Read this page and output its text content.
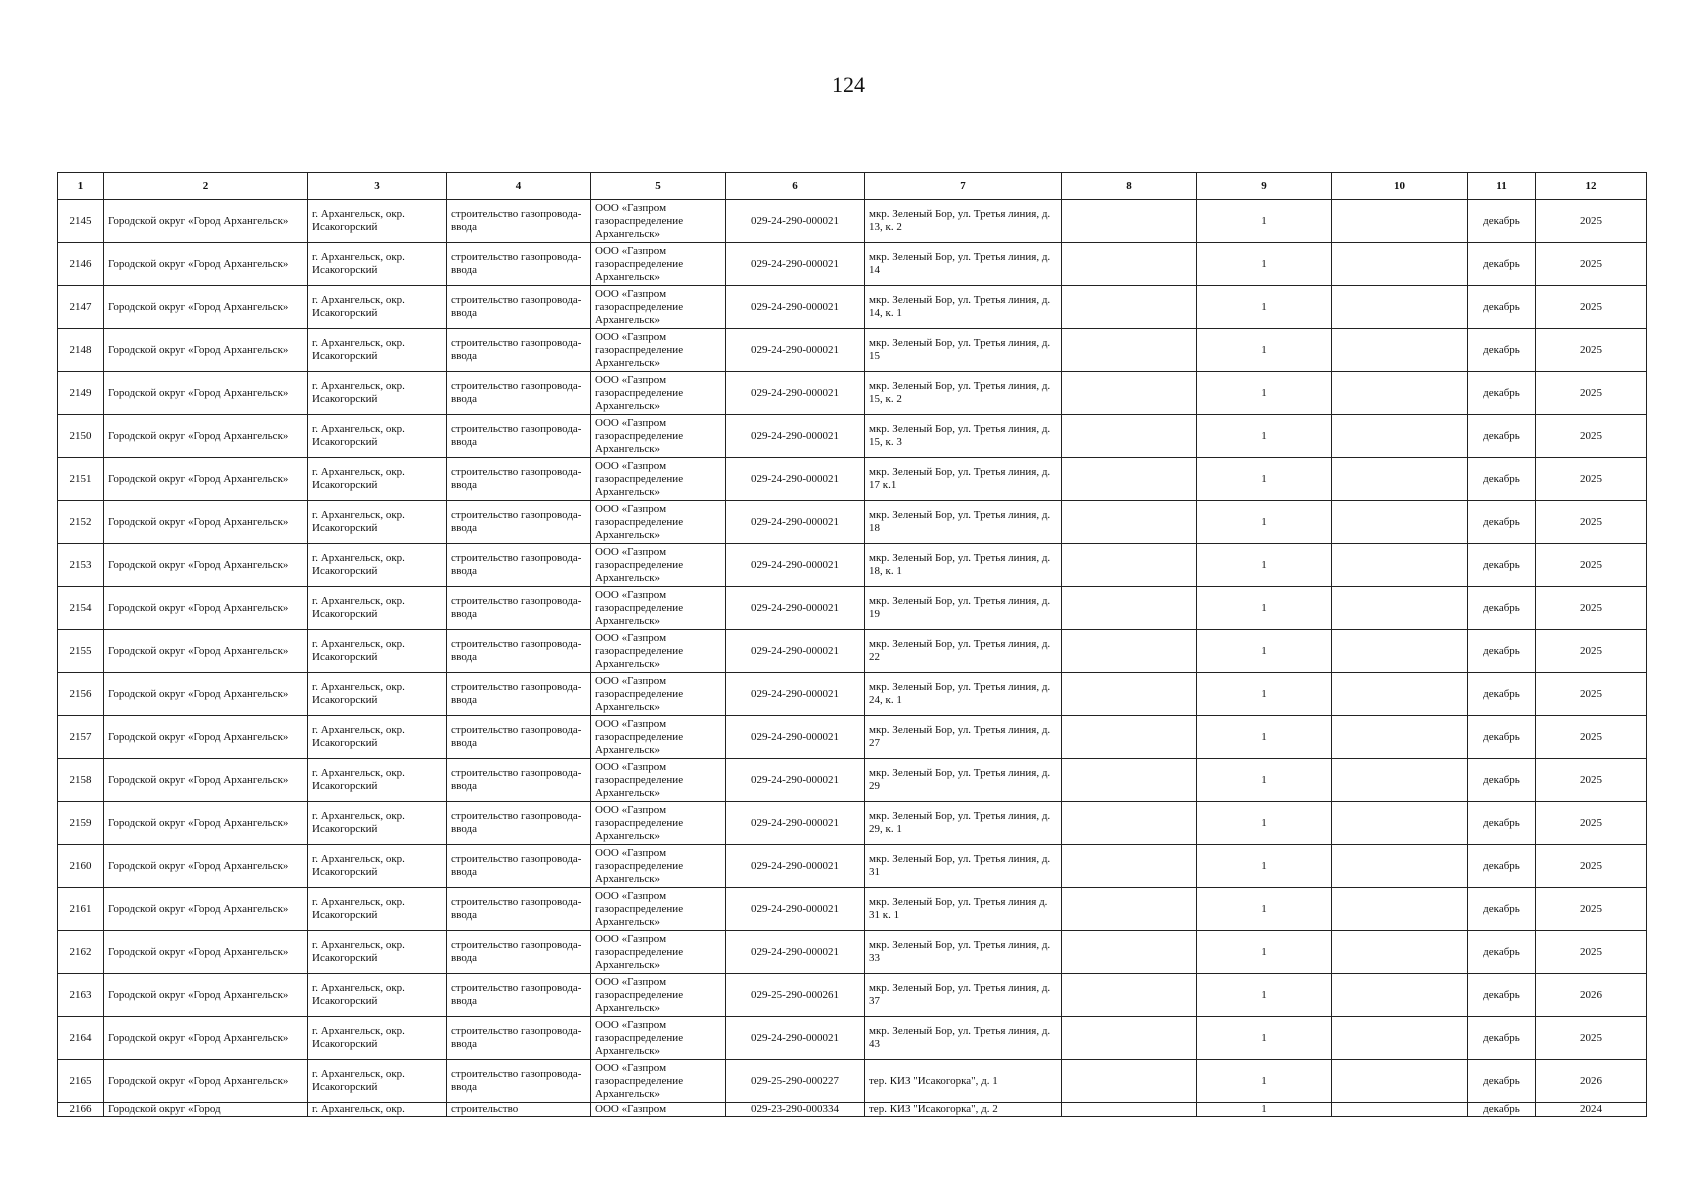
124
1	2	3	4	5	6	7	8	9	10	11	12
2145	Городской округ «Город Архангельск»	г. Архангельск, окр. Исакогорский	строительство газопровода-ввода	ООО «Газпром газораспределение Архангельск»	029-24-290-000021	мкр. Зеленый Бор, ул. Третья линия, д. 13, к. 2		1		декабрь	2025
2146	Городской округ «Город Архангельск»	г. Архангельск, окр. Исакогорский	строительство газопровода-ввода	ООО «Газпром газораспределение Архангельск»	029-24-290-000021	мкр. Зеленый Бор, ул. Третья линия, д. 14		1		декабрь	2025
2147	Городской округ «Город Архангельск»	г. Архангельск, окр. Исакогорский	строительство газопровода-ввода	ООО «Газпром газораспределение Архангельск»	029-24-290-000021	мкр. Зеленый Бор, ул. Третья линия, д. 14, к. 1		1		декабрь	2025
2148	Городской округ «Город Архангельск»	г. Архангельск, окр. Исакогорский	строительство газопровода-ввода	ООО «Газпром газораспределение Архангельск»	029-24-290-000021	мкр. Зеленый Бор, ул. Третья линия, д. 15		1		декабрь	2025
2149	Городской округ «Город Архангельск»	г. Архангельск, окр. Исакогорский	строительство газопровода-ввода	ООО «Газпром газораспределение Архангельск»	029-24-290-000021	мкр. Зеленый Бор, ул. Третья линия, д. 15, к. 2		1		декабрь	2025
2150	Городской округ «Город Архангельск»	г. Архангельск, окр. Исакогорский	строительство газопровода-ввода	ООО «Газпром газораспределение Архангельск»	029-24-290-000021	мкр. Зеленый Бор, ул. Третья линия, д. 15, к. 3		1		декабрь	2025
2151	Городской округ «Город Архангельск»	г. Архангельск, окр. Исакогорский	строительство газопровода-ввода	ООО «Газпром газораспределение Архангельск»	029-24-290-000021	мкр. Зеленый Бор, ул. Третья линия, д. 17 к.1		1		декабрь	2025
2152	Городской округ «Город Архангельск»	г. Архангельск, окр. Исакогорский	строительство газопровода-ввода	ООО «Газпром газораспределение Архангельск»	029-24-290-000021	мкр. Зеленый Бор, ул. Третья линия, д. 18		1		декабрь	2025
2153	Городской округ «Город Архангельск»	г. Архангельск, окр. Исакогорский	строительство газопровода-ввода	ООО «Газпром газораспределение Архангельск»	029-24-290-000021	мкр. Зеленый Бор, ул. Третья линия, д. 18, к. 1		1		декабрь	2025
2154	Городской округ «Город Архангельск»	г. Архангельск, окр. Исакогорский	строительство газопровода-ввода	ООО «Газпром газораспределение Архангельск»	029-24-290-000021	мкр. Зеленый Бор, ул. Третья линия, д. 19		1		декабрь	2025
2155	Городской округ «Город Архангельск»	г. Архангельск, окр. Исакогорский	строительство газопровода-ввода	ООО «Газпром газораспределение Архангельск»	029-24-290-000021	мкр. Зеленый Бор, ул. Третья линия, д. 22		1		декабрь	2025
2156	Городской округ «Город Архангельск»	г. Архангельск, окр. Исакогорский	строительство газопровода-ввода	ООО «Газпром газораспределение Архангельск»	029-24-290-000021	мкр. Зеленый Бор, ул. Третья линия, д. 24, к. 1		1		декабрь	2025
2157	Городской округ «Город Архангельск»	г. Архангельск, окр. Исакогорский	строительство газопровода-ввода	ООО «Газпром газораспределение Архангельск»	029-24-290-000021	мкр. Зеленый Бор, ул. Третья линия, д. 27		1		декабрь	2025
2158	Городской округ «Город Архангельск»	г. Архангельск, окр. Исакогорский	строительство газопровода-ввода	ООО «Газпром газораспределение Архангельск»	029-24-290-000021	мкр. Зеленый Бор, ул. Третья линия, д. 29		1		декабрь	2025
2159	Городской округ «Город Архангельск»	г. Архангельск, окр. Исакогорский	строительство газопровода-ввода	ООО «Газпром газораспределение Архангельск»	029-24-290-000021	мкр. Зеленый Бор, ул. Третья линия, д. 29, к. 1		1		декабрь	2025
2160	Городской округ «Город Архангельск»	г. Архангельск, окр. Исакогорский	строительство газопровода-ввода	ООО «Газпром газораспределение Архангельск»	029-24-290-000021	мкр. Зеленый Бор, ул. Третья линия, д. 31		1		декабрь	2025
2161	Городской округ «Город Архангельск»	г. Архангельск, окр. Исакогорский	строительство газопровода-ввода	ООО «Газпром газораспределение Архангельск»	029-24-290-000021	мкр. Зеленый Бор, ул. Третья линия д. 31 к. 1		1		декабрь	2025
2162	Городской округ «Город Архангельск»	г. Архангельск, окр. Исакогорский	строительство газопровода-ввода	ООО «Газпром газораспределение Архангельск»	029-24-290-000021	мкр. Зеленый Бор, ул. Третья линия, д. 33		1		декабрь	2025
2163	Городской округ «Город Архангельск»	г. Архангельск, окр. Исакогорский	строительство газопровода-ввода	ООО «Газпром газораспределение Архангельск»	029-25-290-000261	мкр. Зеленый Бор, ул. Третья линия, д. 37		1		декабрь	2026
2164	Городской округ «Город Архангельск»	г. Архангельск, окр. Исакогорский	строительство газопровода-ввода	ООО «Газпром газораспределение Архангельск»	029-24-290-000021	мкр. Зеленый Бор, ул. Третья линия, д. 43		1		декабрь	2025
2165	Городской округ «Город Архангельск»	г. Архангельск, окр. Исакогорский	строительство газопровода-ввода	ООО «Газпром газораспределение Архангельск»	029-25-290-000227	тер. КИЗ "Исакогорка", д. 1		1		декабрь	2026
2166	Городской округ «Город	г. Архангельск, окр.	строительство	ООО «Газпром	029-23-290-000334	тер. КИЗ "Исакогорка", д. 2		1		декабрь	2024
